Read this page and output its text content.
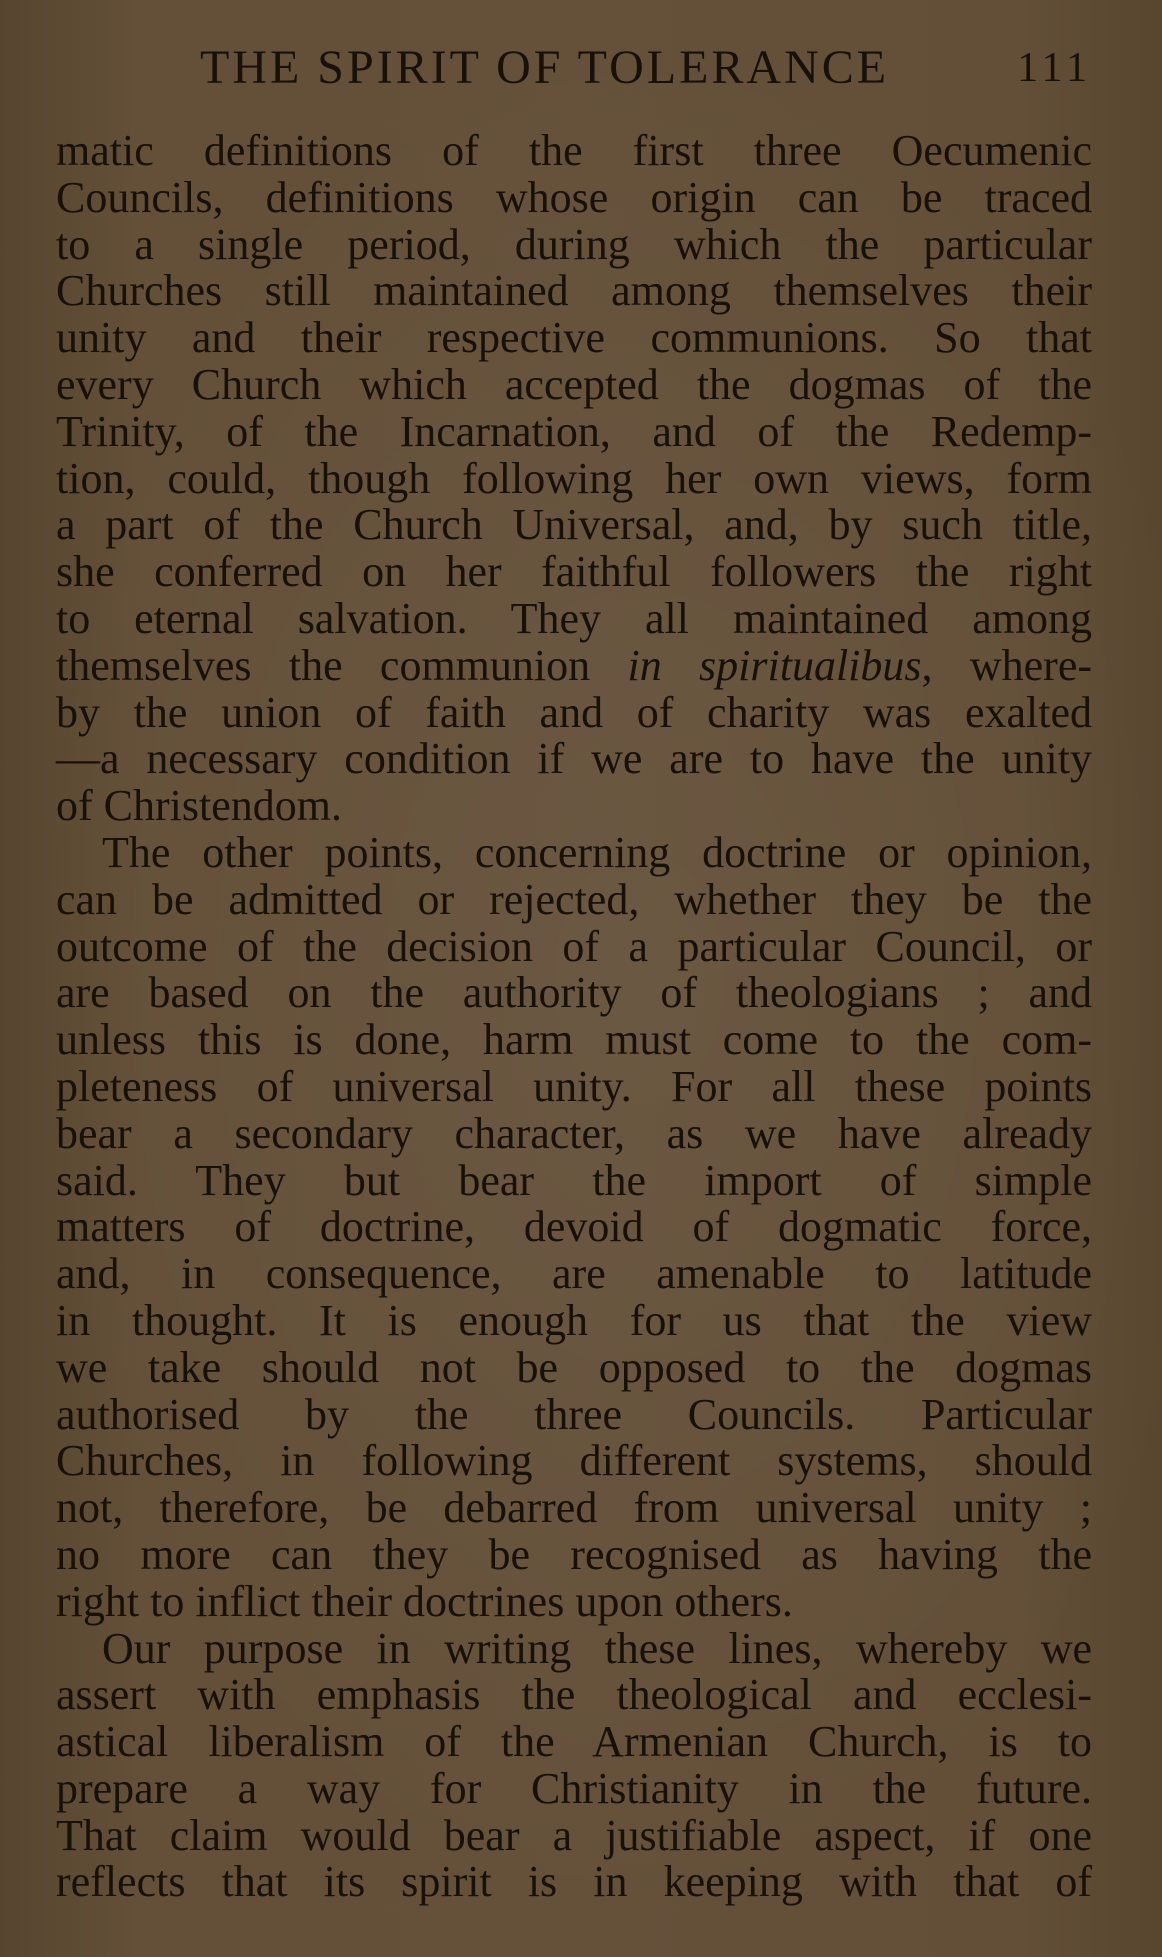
THE SPIRIT OF TOLERANCE	111
matic definitions of the first three Oecumenic
Councils, definitions whose origin can be traced
to a single period, during which the particular
Churches still maintained among themselves their
unity and their respective communions. So that
every Church which accepted the dogmas of the
Trinity, of the Incarnation, and of the Redemp-
tion, could, though following her own views, form
a part of the Church Universal, and, by such title,
she conferred on her faithful followers the right
to eternal salvation. They all maintained among
themselves the communion in spiritualibus, where-
by the union of faith and of charity was exalted
—a necessary condition if we are to have the unity
of Christendom.
The other points, concerning doctrine or opinion,
can be admitted or rejected, whether they be the
outcome of the decision of a particular Council, or
are based on the authority of theologians ; and
unless this is done, harm must come to the com-
pleteness of universal unity. For all these points
bear a secondary character, as we have already
said. They but bear the import of simple
matters of doctrine, devoid of dogmatic force,
and, in consequence, are amenable to latitude
in thought. It is enough for us that the view
we take should not be opposed to the dogmas
authorised by the three Councils. Particular
Churches, in following different systems, should
not, therefore, be debarred from universal unity ;
no more can they be recognised as having the
right to inflict their doctrines upon others.
Our purpose in writing these lines, whereby we
assert with emphasis the theological and ecclesi-
astical liberalism of the Armenian Church, is to
prepare a way for Christianity in the future.
That claim would bear a justifiable aspect, if one
reflects that its spirit is in keeping with that of
